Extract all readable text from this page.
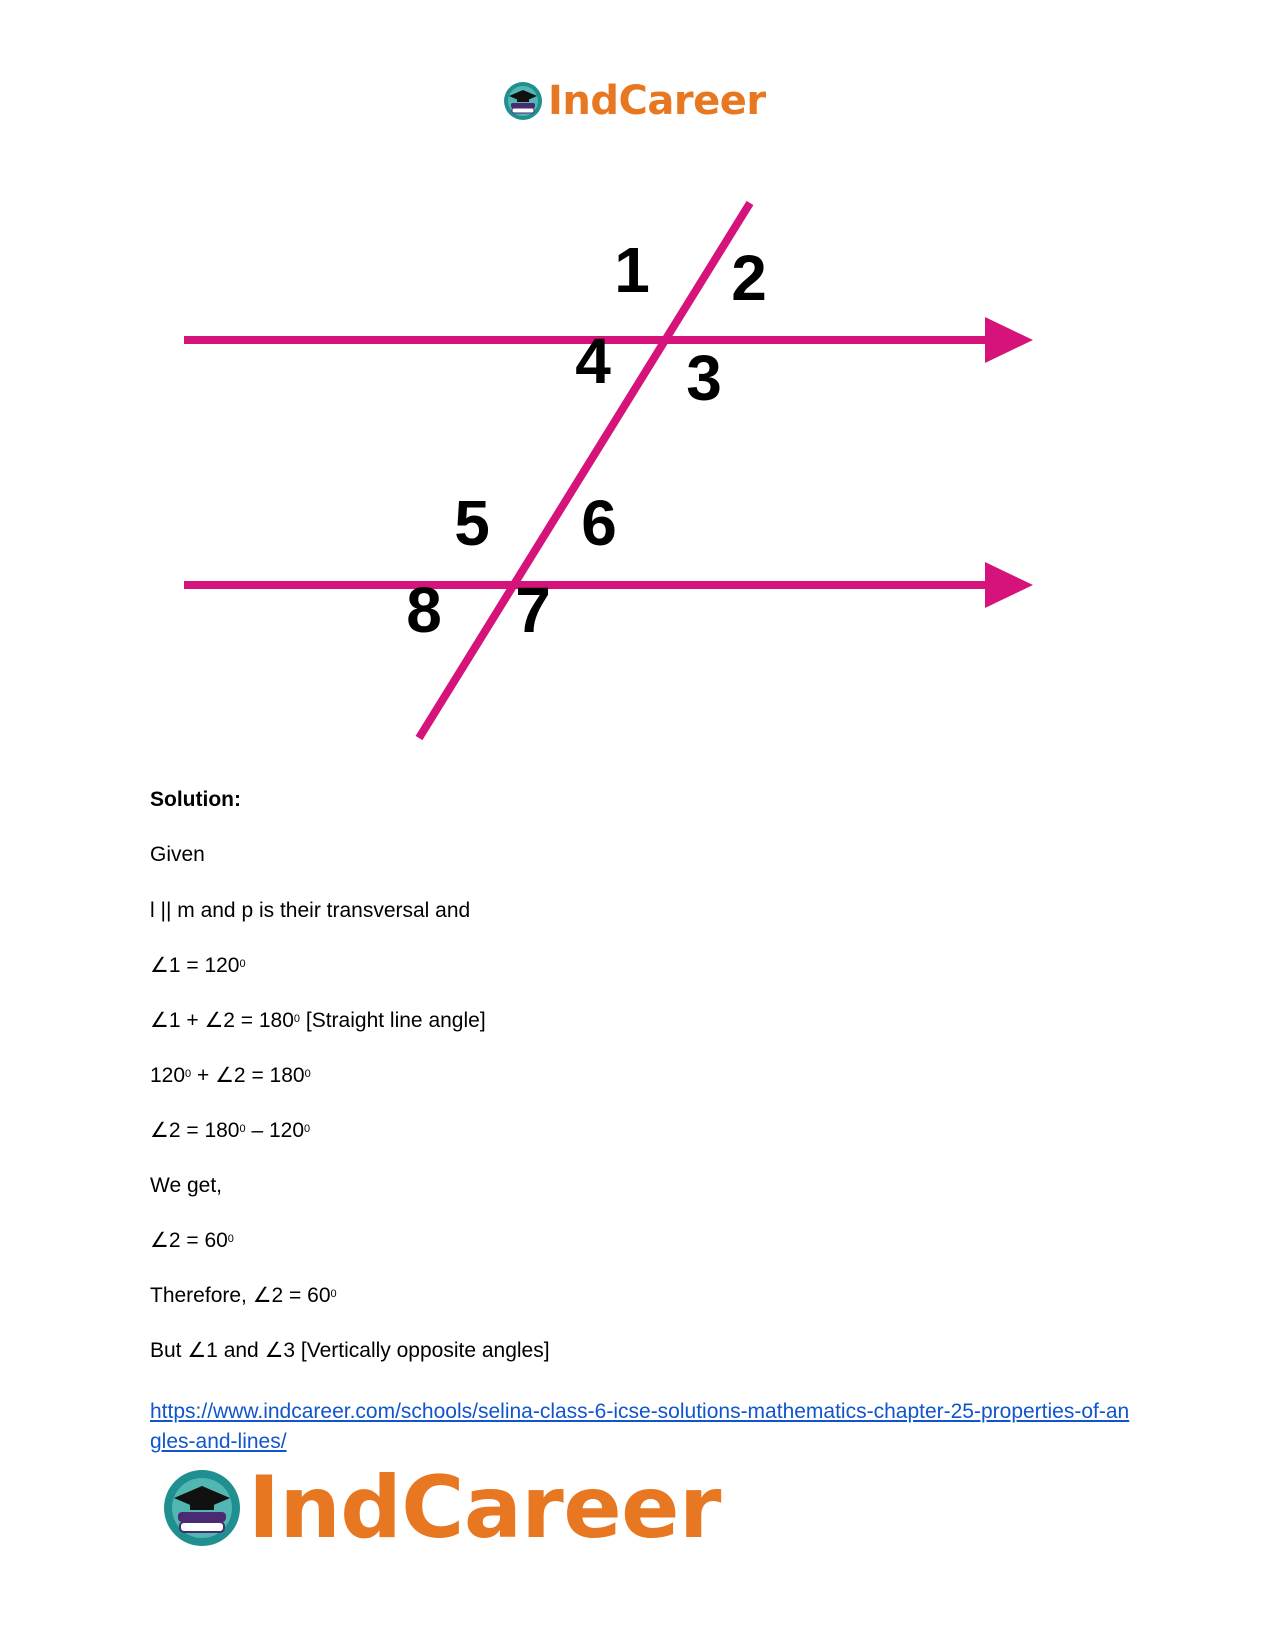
IndCareer
1 2
3
4
5 6
7
8
Solution:
Given
l || m and p is their transversal and
∠1 = $120^0$
∠1 + ∠2 = $180^0$ [Straight line angle]
$120^0$ + ∠2 = $180^0$
∠2 = $180^0 - 120^0$
We get,
∠2 = $60^0$
Therefore, ∠2 = $60^0$
But ∠1 and ∠3 [Vertically opposite angles]
https://www.indcareer.com/schools/selina-class-6-icse-solutions-mathematics-chapter-25-properties-of-angles-and-lines/
IndCareer
